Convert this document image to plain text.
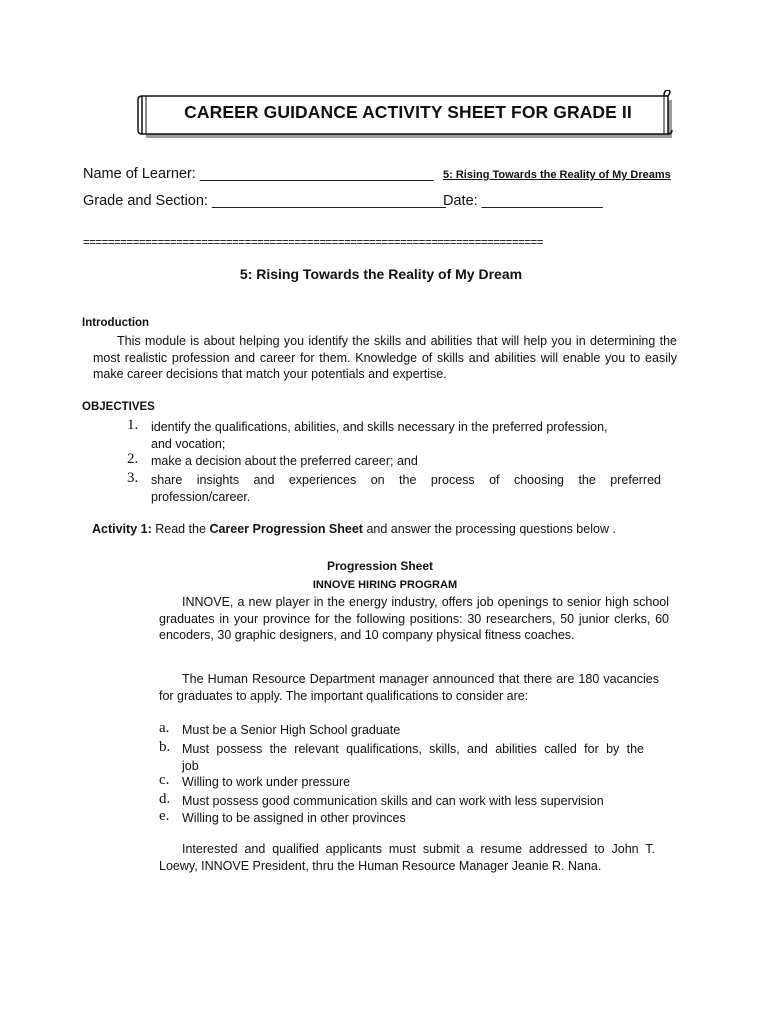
CAREER GUIDANCE ACTIVITY SHEET FOR GRADE II
Name of Learner: _____________________________ 5: Rising Towards the Reality of My Dreams
Grade and Section: _____________________________
Date: _______________
==========================================================================
5: Rising Towards the Reality of My Dream
Introduction
This module is about helping you identify the skills and abilities that will help you in determining the most realistic profession and career for them. Knowledge of skills and abilities will enable you to easily make career decisions that match your potentials and expertise.
OBJECTIVES
1. identify the qualifications, abilities, and skills necessary in the preferred profession,
and vocation;
2. make a decision about the preferred career; and
3. share insights and experiences on the process of choosing the preferred
profession/career.
Activity 1: Read the Career Progression Sheet and answer the processing questions below .
Progression Sheet
INNOVE HIRING PROGRAM
INNOVE, a new player in the energy industry, offers job openings to senior high school graduates in your province for the following positions: 30 researchers, 50 junior clerks, 60 encoders, 30 graphic designers, and 10 company physical fitness coaches.
The Human Resource Department manager announced that there are 180 vacancies for graduates to apply. The important qualifications to consider are:
a. Must be a Senior High School graduate
b. Must possess the relevant qualifications, skills, and abilities called for by the
job
c. Willing to work under pressure
d. Must possess good communication skills and can work with less supervision
e. Willing to be assigned in other provinces
Interested and qualified applicants must submit a resume addressed to John T. Loewy, INNOVE President, thru the Human Resource Manager Jeanie R. Nana.
